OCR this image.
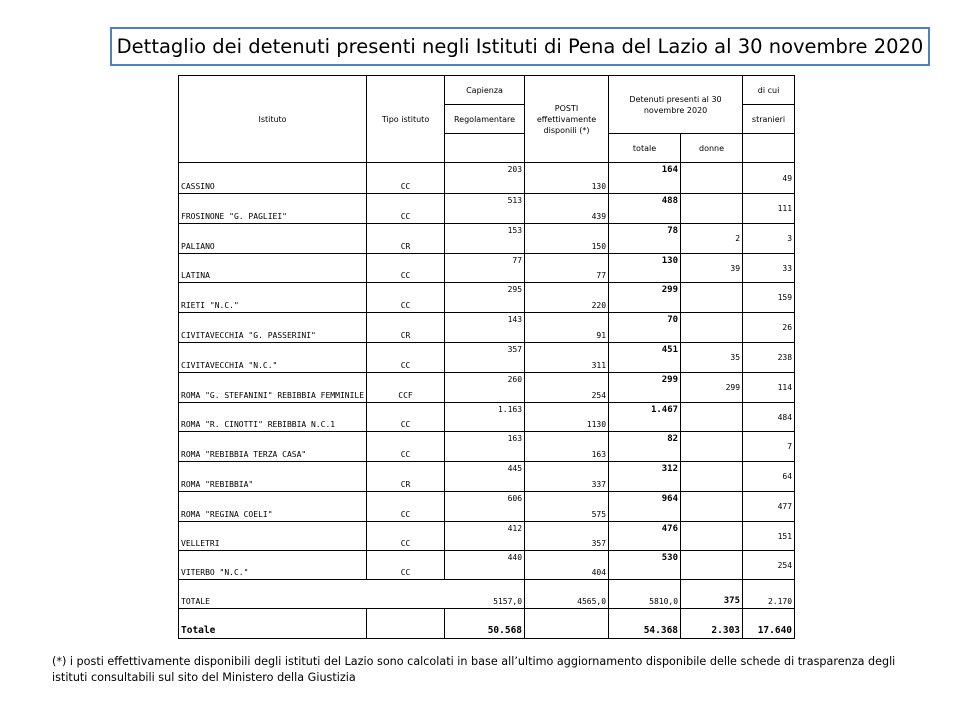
Dettaglio dei detenuti presenti negli Istituti di Pena del Lazio al 30 novembre 2020
Istituto	Tipo istituto	Capienza	POSTI effettivamente disponili (*)	Detenuti presenti al 30 novembre 2020		di cui
		Regolamentare				stranieri
				totale	donne	
CASSINO	CC	203	130	164		49
FROSINONE "G. PAGLIEI"	CC	513	439	488		111
PALIANO	CR	153	150	78	2	3
LATINA	CC	77	77	130	39	33
RIETI "N.C."	CC	295	220	299		159
CIVITAVECCHIA "G. PASSERINI"	CR	143	91	70		26
CIVITAVECCHIA "N.C."	CC	357	311	451	35	238
ROMA "G. STEFANINI" REBIBBIA FEMMINILE	CCF	260	254	299	299	114
ROMA "R. CINOTTI" REBIBBIA N.C.1	CC	1.163	1130	1.467		484
ROMA "REBIBBIA TERZA CASA"	CC	163	163	82		7
ROMA "REBIBBIA"	CR	445	337	312		64
ROMA "REGINA COELI"	CC	606	575	964		477
VELLETRI	CC	412	357	476		151
VITERBO "N.C."	CC	440	404	530		254
TOTALE		5157,0	4565,0	5810,0	375	2.170
Totale		50.568		54.368	2.303	17.640
(*) i posti effettivamente disponibili degli istituti del Lazio sono calcolati in base all’ultimo aggiornamento disponibile delle schede di trasparenza degli istituti consultabili sul sito del Ministero della Giustizia
